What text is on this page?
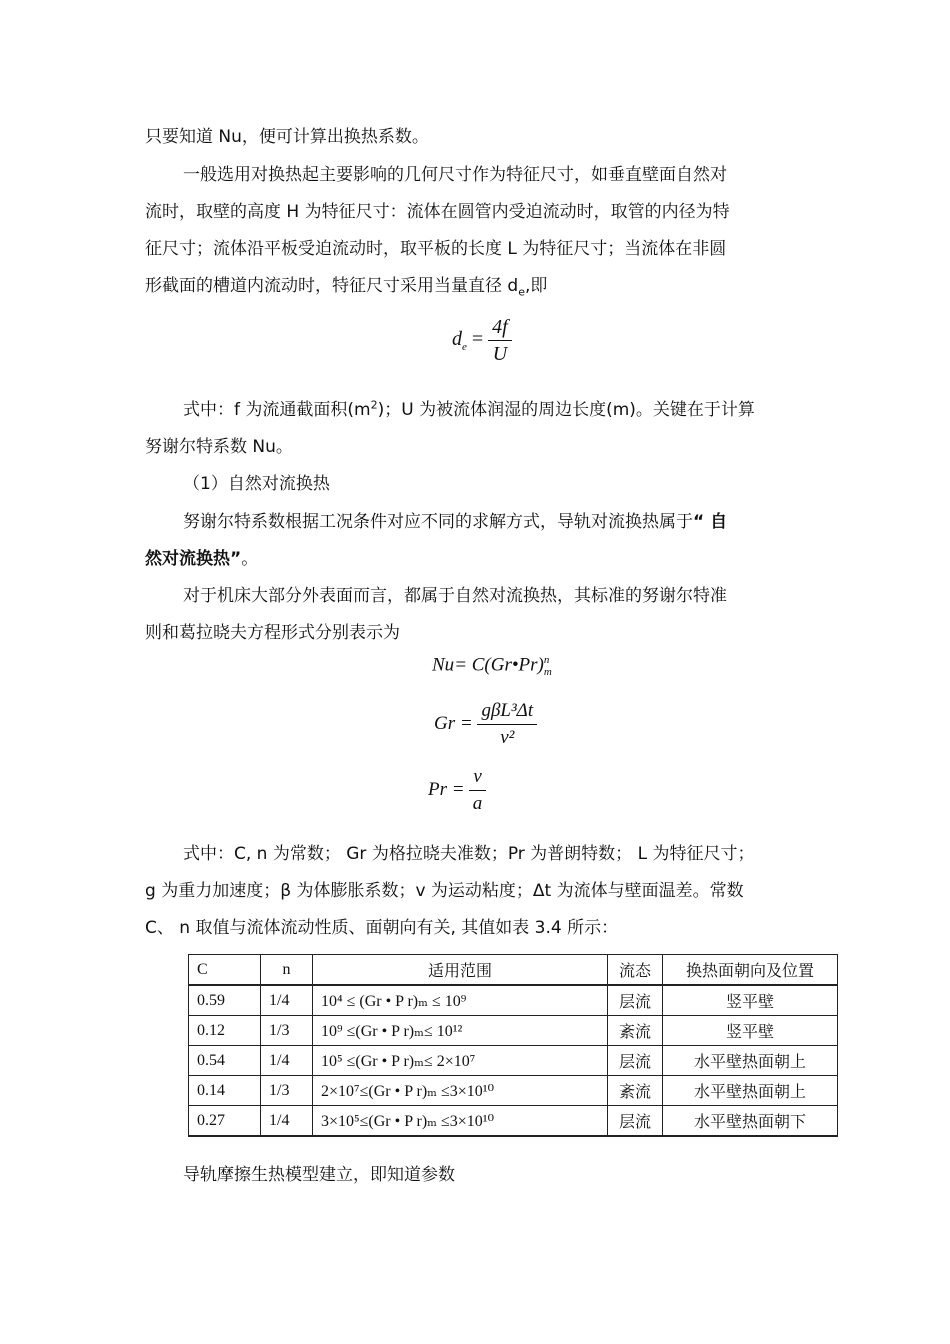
只要知道 Nu，便可计算出换热系数。
一般选用对换热起主要影响的几何尺寸作为特征尺寸，如垂直壁面自然对
流时，取壁的高度 H 为特征尺寸：流体在圆管内受迫流动时，取管的内径为特
征尺寸；流体沿平板受迫流动时，取平板的长度 L 为特征尺寸；当流体在非圆
形截面的槽道内流动时，特征尺寸采用当量直径 $d_e$,即
$d_e = \frac{4f}{U}$
式中：f 为流通截面积$(m^2)$；U 为被流体润湿的周边长度(m)。关键在于计算
努谢尔特系数 Nu。
（1）自然对流换热
努谢尔特系数根据工况条件对应不同的求解方式，导轨对流换热属于“ 自
然对流换热”。
对于机床大部分外表面而言，都属于自然对流换热，其标准的努谢尔特准
则和葛拉晓夫方程形式分别表示为
Nu= C(Gr•Pr) n
m
$Gr = \frac{\text{gβL³Δt}}{\text{v²}}$
$Pr = \frac{\nu}{a}$
式中：C, n 为常数； Gr 为格拉晓夫准数；Pr 为普朗特数； L 为特征尺寸；
g 为重力加速度；β 为体膨胀系数；v 为运动粘度；Δt 为流体与壁面温差。常数
C、 n 取值与流体流动性质、面朝向有关, 其值如表 3.4 所示：
C	n	适用范围	流态	换热面朝向及位置
0.59	1/4	10⁴ ≤ (Gr • P r)ₘ ≤ 10⁹	层流	竖平壁
0.12	1/3	10⁹ ≤(Gr • P r)ₘ≤ 10¹²	紊流	竖平壁
0.54	1/4	10⁵ ≤(Gr • P r)ₘ≤ 2×10⁷	层流	水平壁热面朝上
0.14	1/3	2×10⁷≤(Gr • P r)ₘ ≤3×10¹⁰	紊流	水平壁热面朝上
0.27	1/4	3×10⁵≤(Gr • P r)ₘ ≤3×10¹⁰	层流	水平壁热面朝下
导轨摩擦生热模型建立，即知道参数
